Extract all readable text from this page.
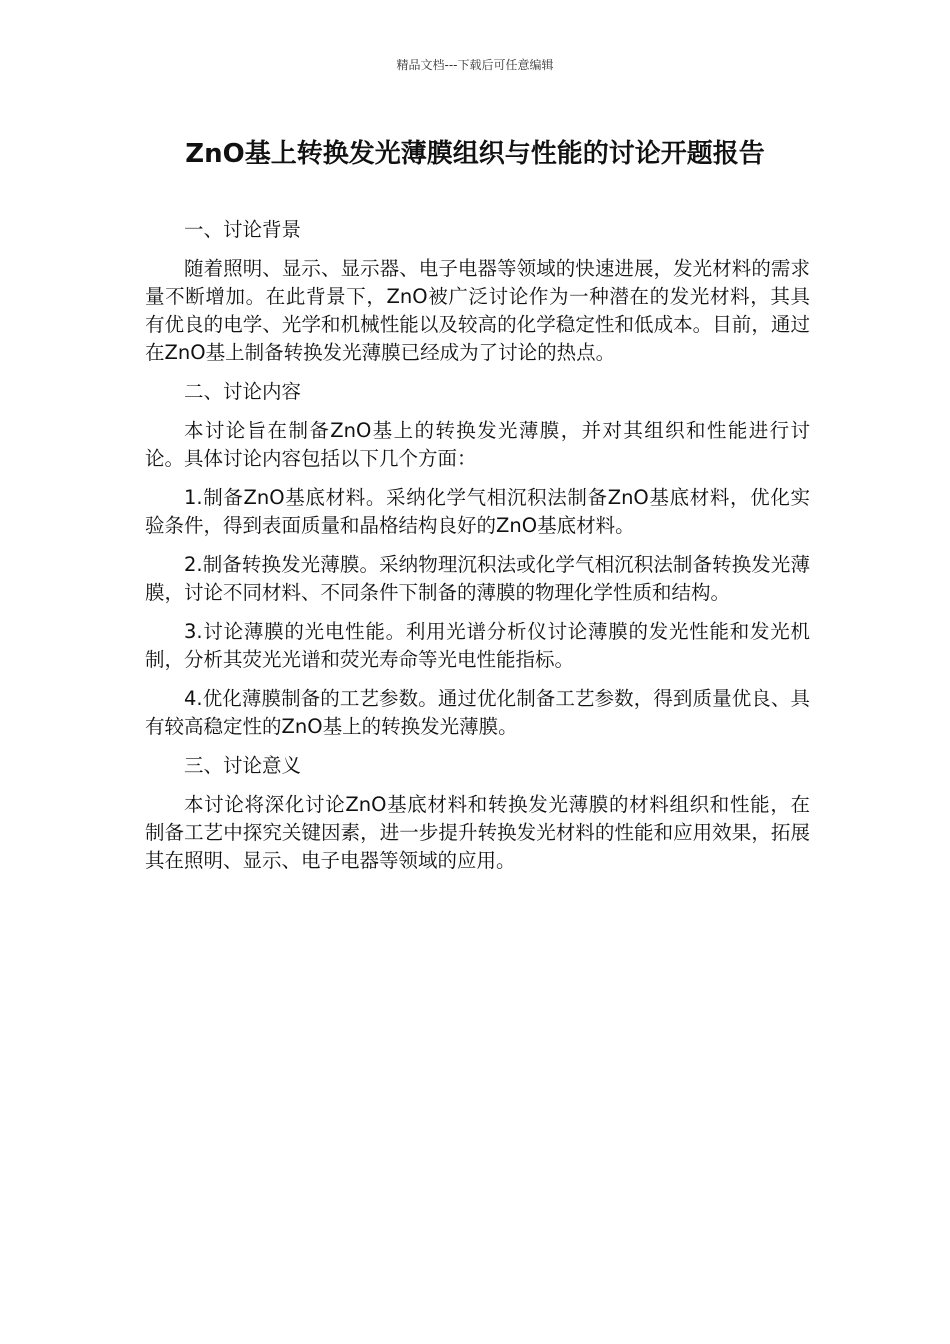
精品文档---下载后可任意编辑
ZnO基上转换发光薄膜组织与性能的讨论开题报告

一、讨论背景

随着照明、显示、显示器、电子电器等领域的快速进展，发光材料的需求量不断增加。在此背景下，ZnO被广泛讨论作为一种潜在的发光材料，其具有优良的电学、光学和机械性能以及较高的化学稳定性和低成本。目前，通过在ZnO基上制备转换发光薄膜已经成为了讨论的热点。

二、讨论内容

本讨论旨在制备ZnO基上的转换发光薄膜，并对其组织和性能进行讨论。具体讨论内容包括以下几个方面：

1.制备ZnO基底材料。采纳化学气相沉积法制备ZnO基底材料，优化实验条件，得到表面质量和晶格结构良好的ZnO基底材料。

2.制备转换发光薄膜。采纳物理沉积法或化学气相沉积法制备转换发光薄膜，讨论不同材料、不同条件下制备的薄膜的物理化学性质和结构。

3.讨论薄膜的光电性能。利用光谱分析仪讨论薄膜的发光性能和发光机制，分析其荧光光谱和荧光寿命等光电性能指标。

4.优化薄膜制备的工艺参数。通过优化制备工艺参数，得到质量优良、具有较高稳定性的ZnO基上的转换发光薄膜。

三、讨论意义

本讨论将深化讨论ZnO基底材料和转换发光薄膜的材料组织和性能，在制备工艺中探究关键因素，进一步提升转换发光材料的性能和应用效果，拓展其在照明、显示、电子电器等领域的应用。
